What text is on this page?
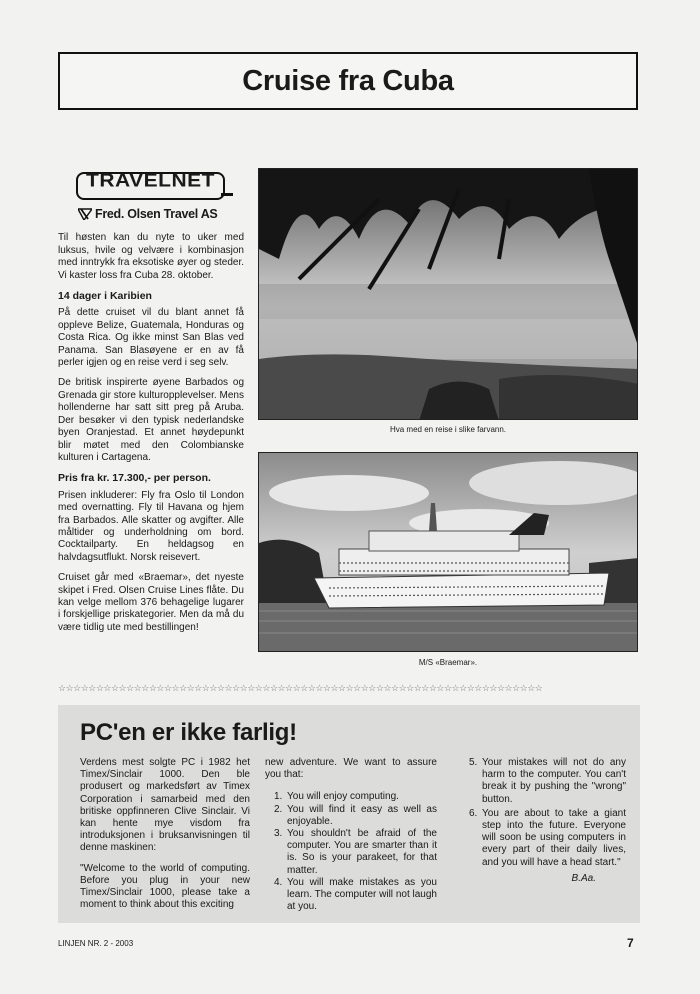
Cruise fra Cuba
TRAVELNET
Fred. Olsen Travel AS

Til høsten kan du nyte to uker med luksus, hvile og velvære i kombinasjon med inntrykk fra eksotiske øyer og steder. Vi kaster loss fra Cuba 28. oktober.

14 dager i Karibien

På dette cruiset vil du blant annet få oppleve Belize, Guatemala, Honduras og Costa Rica. Og ikke minst San Blas ved Panama. San Blasøyene er en av få perler igjen og en reise verd i seg selv.

De britisk inspirerte øyene Barbados og Grenada gir store kulturopplevelser. Mens hollenderne har satt sitt preg på Aruba. Der besøker vi den typisk nederlandske byen Oranjestad. Et annet høydepunkt blir møtet med den Colombianske kulturen i Cartagena.

Pris fra kr. 17.300,- per person.

Prisen inkluderer: Fly fra Oslo til London med overnatting. Fly til Havana og hjem fra Barbados. Alle skatter og avgifter. Alle måltider og underholdning om bord. Cocktailparty. En heldagsog en halvdagsutflukt. Norsk reisevert.

Cruiset går med «Braemar», det nyeste skipet i Fred. Olsen Cruise Lines flåte. Du kan velge mellom 376 behagelige lugarer i forskjellige priskategorier. Men da må du være tidlig ute med bestillingen!

Hva med en reise i slike farvann.
M/S «Braemar».
☆☆☆☆☆☆☆☆☆☆☆☆☆☆☆☆☆☆☆☆☆☆☆☆☆☆☆☆☆☆☆☆☆☆☆☆☆☆☆☆☆☆☆☆☆☆☆☆☆☆☆☆☆☆☆☆☆☆☆☆☆☆☆☆
PC'en er ikke farlig!

Verdens mest solgte PC i 1982 het Timex/Sinclair 1000. Den ble produsert og markedsført av Timex Corporation i samarbeid med den britiske oppfinneren Clive Sinclair. Vi kan hente mye visdom fra introduksjonen i bruksanvisningen til denne maskinen:

"Welcome to the world of computing. Before you plug in your new Timex/Sinclair 1000, please take a moment to think about this exciting

new adventure. We want to assure you that:

1. You will enjoy computing.
2. You will find it easy as well as enjoyable.
3. You shouldn't be afraid of the computer. You are smarter than it is. So is your parakeet, for that matter.
4. You will make mistakes as you learn. The computer will not laugh at you.
5. Your mistakes will not do any harm to the computer. You can't break it by pushing the "wrong" button.
6. You are about to take a giant step into the future. Everyone will soon be using computers in every part of their daily lives, and you will have a head start."

B.Aa.

LINJEN NR. 2 - 2003	7
